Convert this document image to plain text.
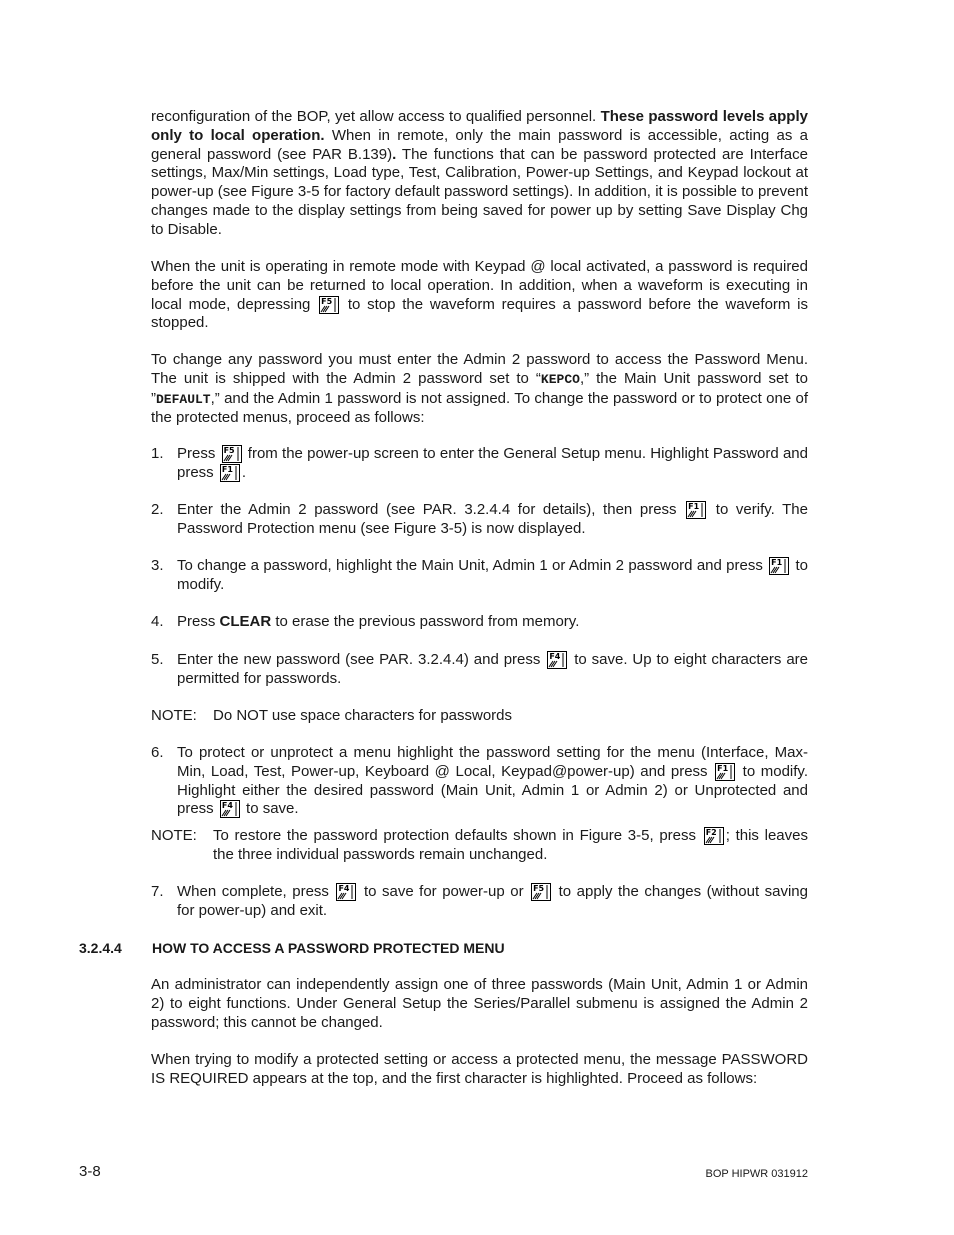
reconfiguration of the BOP, yet allow access to qualified personnel. These password levels apply only to local operation. When in remote, only the main password is accessible, acting as a general password (see PAR B.139). The functions that can be password protected are Interface settings, Max/Min settings, Load type, Test, Calibration, Power-up Settings, and Keypad lockout at power-up (see Figure 3-5 for factory default password settings). In addition, it is possible to prevent changes made to the display settings from being saved for power up by setting Save Display Chg to Disable.

When the unit is operating in remote mode with Keypad @ local activated, a password is required before the unit can be returned to local operation. In addition, when a waveform is executing in local mode, depressing F5 to stop the waveform requires a password before the waveform is stopped.

To change any password you must enter the Admin 2 password to access the Password Menu. The unit is shipped with the Admin 2 password set to “KEPCO,” the Main Unit password set to ”DEFAULT,” and the Admin 1 password is not assigned. To change the password or to protect one of the protected menus, proceed as follows:

1. Press F5 from the power-up screen to enter the General Setup menu. Highlight Password and press F1 .

2. Enter the Admin 2 password (see PAR. 3.2.4.4 for details), then press F1 to verify. The Password Protection menu (see Figure 3-5) is now displayed.

3. To change a password, highlight the Main Unit, Admin 1 or Admin 2 password and press F1 to modify.

4. Press CLEAR to erase the previous password from memory.

5. Enter the new password (see PAR. 3.2.4.4) and press F4 to save. Up to eight characters are permitted for passwords.

NOTE: Do NOT use space characters for passwords
6. To protect or unprotect a menu highlight the password setting for the menu (Interface, Max-Min, Load, Test, Power-up, Keyboard @ Local, Keypad@power-up) and press F1 to modify. Highlight either the desired password (Main Unit, Admin 1 or Admin 2) or Unprotected and press F4 to save.

NOTE: To restore the password protection defaults shown in Figure 3-5, press F2 ; this leaves the three individual passwords remain unchanged.

7. When complete, press F4 to save for power-up or F5 to apply the changes (without saving for power-up) and exit.

3.2.4.4 HOW TO ACCESS A PASSWORD PROTECTED MENU

An administrator can independently assign one of three passwords (Main Unit, Admin 1 or Admin 2) to eight functions. Under General Setup the Series/Parallel submenu is assigned the Admin 2 password; this cannot be changed.

When trying to modify a protected setting or access a protected menu, the message PASSWORD IS REQUIRED appears at the top, and the first character is highlighted. Proceed as follows:

3-8	BOP HIPWR 031912
